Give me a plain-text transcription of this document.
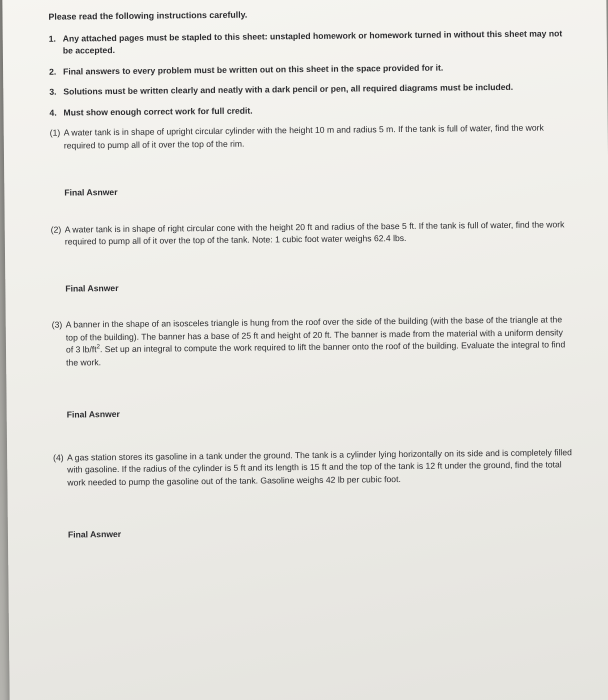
Please read the following instructions carefully.
1. Any attached pages must be stapled to this sheet: unstapled homework or homework turned in without this sheet may not be accepted.
2. Final answers to every problem must be written out on this sheet in the space provided for it.
3. Solutions must be written clearly and neatly with a dark pencil or pen, all required diagrams must be included.
4. Must show enough correct work for full credit.
(1) A water tank is in shape of upright circular cylinder with the height 10 m and radius 5 m. If the tank is full of water, find the work required to pump all of it over the top of the rim.
Final Asnwer
(2) A water tank is in shape of right circular cone with the height 20 ft and radius of the base 5 ft. If the tank is full of water, find the work required to pump all of it over the top of the tank. Note: 1 cubic foot water weighs 62.4 lbs.
Final Asnwer
(3) A banner in the shape of an isosceles triangle is hung from the roof over the side of the building (with the base of the triangle at the top of the building). The banner has a base of 25 ft and height of 20 ft. The banner is made from the material with a uniform density of 3 $lb/ft^2$. Set up an integral to compute the work required to lift the banner onto the roof of the building. Evaluate the integral to find the work.
Final Asnwer
(4) A gas station stores its gasoline in a tank under the ground. The tank is a cylinder lying horizontally on its side and is completely filled with gasoline. If the radius of the cylinder is 5 ft and its length is 15 ft and the top of the tank is 12 ft under the ground, find the total work needed to pump the gasoline out of the tank. Gasoline weighs 42 lb per cubic foot.
Final Asnwer
